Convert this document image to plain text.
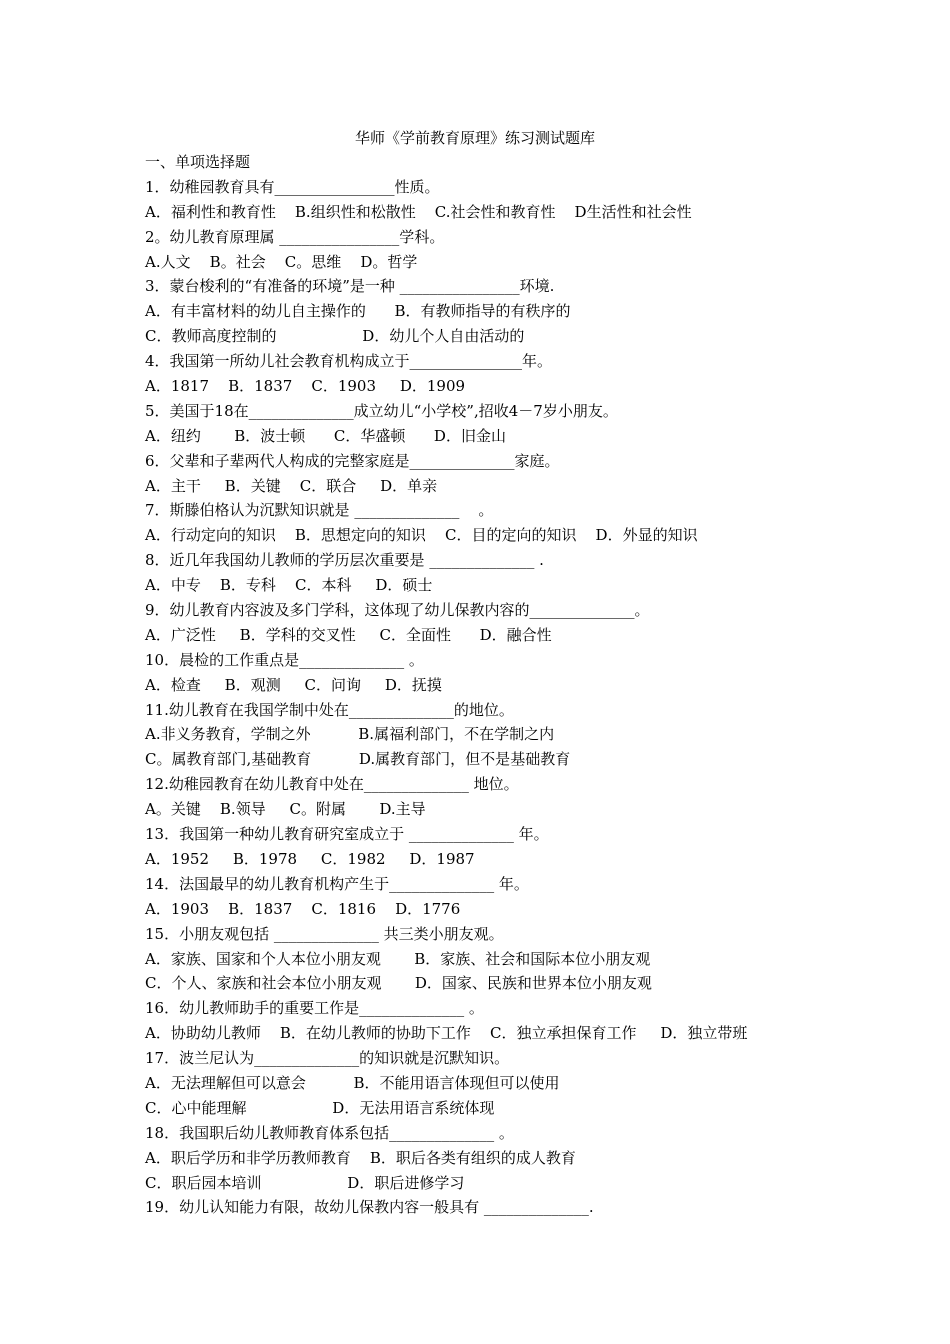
华师《学前教育原理》练习测试题库
一、单项选择题
1．幼稚园教育具有________________性质。
A．福利性和教育性    B.组织性和松散性    C.社会性和教育性    D生活性和社会性
2。幼儿教育原理属 ________________学科。
A.人文    B。社会    C。思维    D。哲学
3．蒙台梭利的“有准备的环境”是一种 ________________环境.
A．有丰富材料的幼儿自主操作的      B．有教师指导的有秩序的
C．教师高度控制的                  D．幼儿个人自由活动的
4．我国第一所幼儿社会教育机构成立于_______________年。
A．1817    B．1837    C．1903     D．1909
5．美国于18在______________成立幼儿“小学校”,招收4－7岁小朋友。
A．纽约       B．波士顿      C．华盛顿      D．旧金山
6．父辈和子辈两代人构成的完整家庭是______________家庭。
A．主干     B．关键    C．联合     D．单亲
7．斯滕伯格认为沉默知识就是 ______________    。
A．行动定向的知识    B．思想定向的知识    C．目的定向的知识    D．外显的知识
8．近几年我国幼儿教师的学历层次重要是 ______________ .
A．中专    B．专科    C．本科     D．硕士
9．幼儿教育内容波及多门学科，这体现了幼儿保教内容的______________。
A．广泛性     B．学科的交叉性     C．全面性      D．融合性
10．晨检的工作重点是______________ 。
A．检查     B．观测     C．问询     D．抚摸
11.幼儿教育在我国学制中处在______________的地位。
A.非义务教育，学制之外          B.属福利部门，不在学制之内
C。属教育部门,基础教育          D.属教育部门，但不是基础教育
12.幼稚园教育在幼儿教育中处在______________ 地位。
A。关键    B.领导     C。附属       D.主导
13．我国第一种幼儿教育研究室成立于 ______________ 年。
A．1952     B．1978     C．1982     D．1987
14．法国最早的幼儿教育机构产生于______________ 年。
A．1903    B．1837    C．1816    D．1776
15．小朋友观包括 ______________ 共三类小朋友观。
A．家族、国家和个人本位小朋友观       B．家族、社会和国际本位小朋友观
C．个人、家族和社会本位小朋友观       D．国家、民族和世界本位小朋友观
16．幼儿教师助手的重要工作是______________ 。
A．协助幼儿教师    B．在幼儿教师的协助下工作    C．独立承担保育工作     D．独立带班
17．波兰尼认为______________的知识就是沉默知识。
A．无法理解但可以意会          B．不能用语言体现但可以使用
C．心中能理解                  D．无法用语言系统体现
18．我国职后幼儿教师教育体系包括______________ 。
A．职后学历和非学历教师教育    B．职后各类有组织的成人教育
C．职后园本培训                  D．职后进修学习
19．幼儿认知能力有限，故幼儿保教内容一般具有 ______________.
